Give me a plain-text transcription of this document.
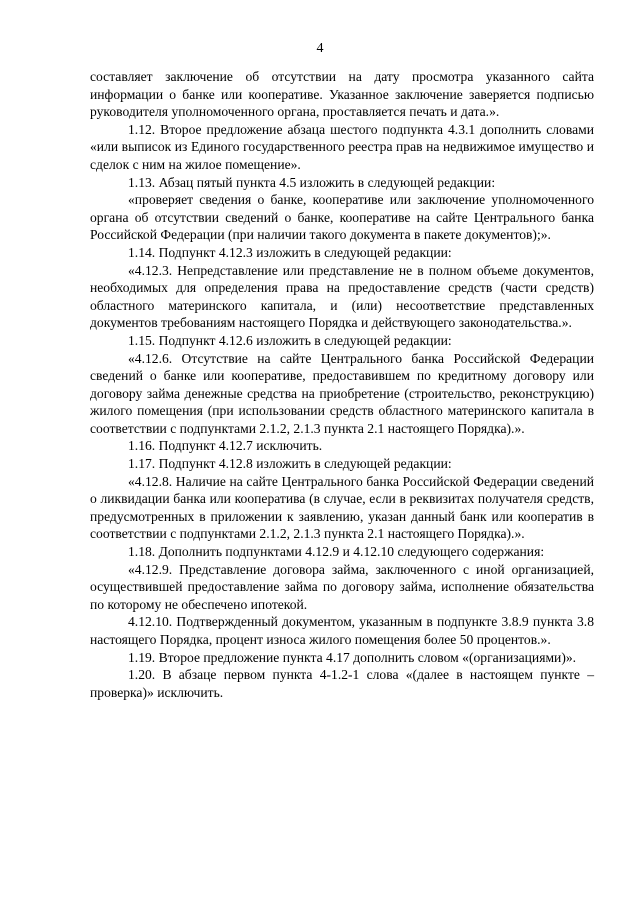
4

составляет заключение об отсутствии на дату просмотра указанного сайта информации о банке или кооперативе. Указанное заключение заверяется подписью руководителя уполномоченного органа, проставляется печать и дата.».

1.12. Второе предложение абзаца шестого подпункта 4.3.1 дополнить словами «или выписок из Единого государственного реестра прав на недвижимое имущество и сделок с ним на жилое помещение».

1.13. Абзац пятый пункта 4.5 изложить в следующей редакции:

«проверяет сведения о банке, кооперативе или заключение уполномоченного органа об отсутствии сведений о банке, кооперативе на сайте Центрального банка Российской Федерации (при наличии такого документа в пакете документов);».

1.14. Подпункт 4.12.3 изложить в следующей редакции:

«4.12.3. Непредставление или представление не в полном объеме документов, необходимых для определения права на предоставление средств (части средств) областного материнского капитала, и (или) несоответствие представленных документов требованиям настоящего Порядка и действующего законодательства.».

1.15. Подпункт 4.12.6 изложить в следующей редакции:

«4.12.6. Отсутствие на сайте Центрального банка Российской Федерации сведений о банке или кооперативе, предоставившем по кредитному договору или договору займа денежные средства на приобретение (строительство, реконструкцию) жилого помещения (при использовании средств областного материнского капитала в соответствии с подпунктами 2.1.2, 2.1.3 пункта 2.1 настоящего Порядка).».

1.16. Подпункт 4.12.7 исключить.

1.17. Подпункт 4.12.8 изложить в следующей редакции:

«4.12.8. Наличие на сайте Центрального банка Российской Федерации сведений о ликвидации банка или кооператива (в случае, если в реквизитах получателя средств, предусмотренных в приложении к заявлению, указан данный банк или кооператив в соответствии с подпунктами 2.1.2, 2.1.3 пункта 2.1 настоящего Порядка).».

1.18. Дополнить подпунктами 4.12.9 и 4.12.10 следующего содержания:

«4.12.9. Представление договора займа, заключенного с иной организацией, осуществившей предоставление займа по договору займа, исполнение обязательства по которому не обеспечено ипотекой.

4.12.10. Подтвержденный документом, указанным в подпункте 3.8.9 пункта 3.8 настоящего Порядка, процент износа жилого помещения более 50 процентов.».

1.19. Второе предложение пункта 4.17 дополнить словом «(организациями)».

1.20. В абзаце первом пункта 4-1.2-1 слова «(далее в настоящем пункте – проверка)» исключить.
